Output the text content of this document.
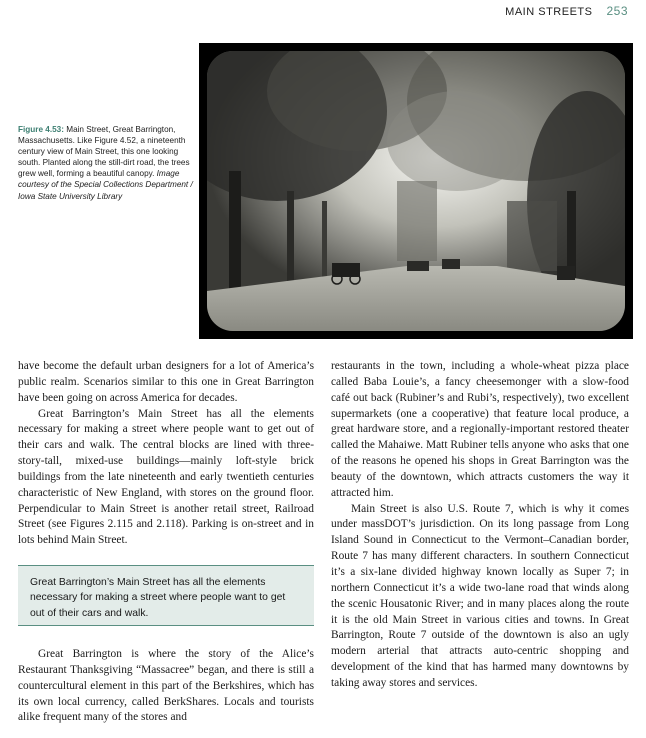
MAIN STREETS 253
Figure 4.53: Main Street, Great Barrington, Massachusetts. Like Figure 4.52, a nineteenth century view of Main Street, this one looking south. Planted along the still-dirt road, the trees grew well, forming a beautiful canopy. Image courtesy of the Special Collections Department / Iowa State University Library

have become the default urban designers for a lot of America’s public realm. Scenarios similar to this one in Great Barrington have been going on across America for decades.

Great Barrington’s Main Street has all the elements necessary for making a street where people want to get out of their cars and walk. The central blocks are lined with three-story-tall, mixed-use buildings—mainly loft-style brick buildings from the late nineteenth and early twentieth centuries characteristic of New England, with stores on the ground floor. Perpendicular to Main Street is another retail street, Railroad Street (see Figures 2.115 and 2.118). Parking is on-street and in lots behind Main Street.

Great Barrington’s Main Street has all the elements necessary for making a street where people want to get out of their cars and walk.

Great Barrington is where the story of the Alice’s Restaurant Thanksgiving “Massacree” began, and there is still a countercultural element in this part of the Berkshires, which has its own local currency, called BerkShares. Locals and tourists alike frequent many of the stores and

restaurants in the town, including a whole-wheat pizza place called Baba Louie’s, a fancy cheesemonger with a slow-food café out back (Rubiner’s and Rubi’s, respectively), two excellent supermarkets (one a cooperative) that feature local produce, a great hardware store, and a regionally-important restored theater called the Mahaiwe. Matt Rubiner tells anyone who asks that one of the reasons he opened his shops in Great Barrington was the beauty of the downtown, which attracts customers the way it attracted him.

Main Street is also U.S. Route 7, which is why it comes under massDOT’s jurisdiction. On its long passage from Long Island Sound in Connecticut to the Vermont–Canadian border, Route 7 has many different characters. In southern Connecticut it’s a six-lane divided highway known locally as Super 7; in northern Connecticut it’s a wide two-lane road that winds along the scenic Housatonic River; and in many places along the route it is the old Main Street in various cities and towns. In Great Barrington, Route 7 outside of the downtown is also an ugly modern arterial that attracts auto-centric shopping and development of the kind that has harmed many downtowns by taking away stores and services.
